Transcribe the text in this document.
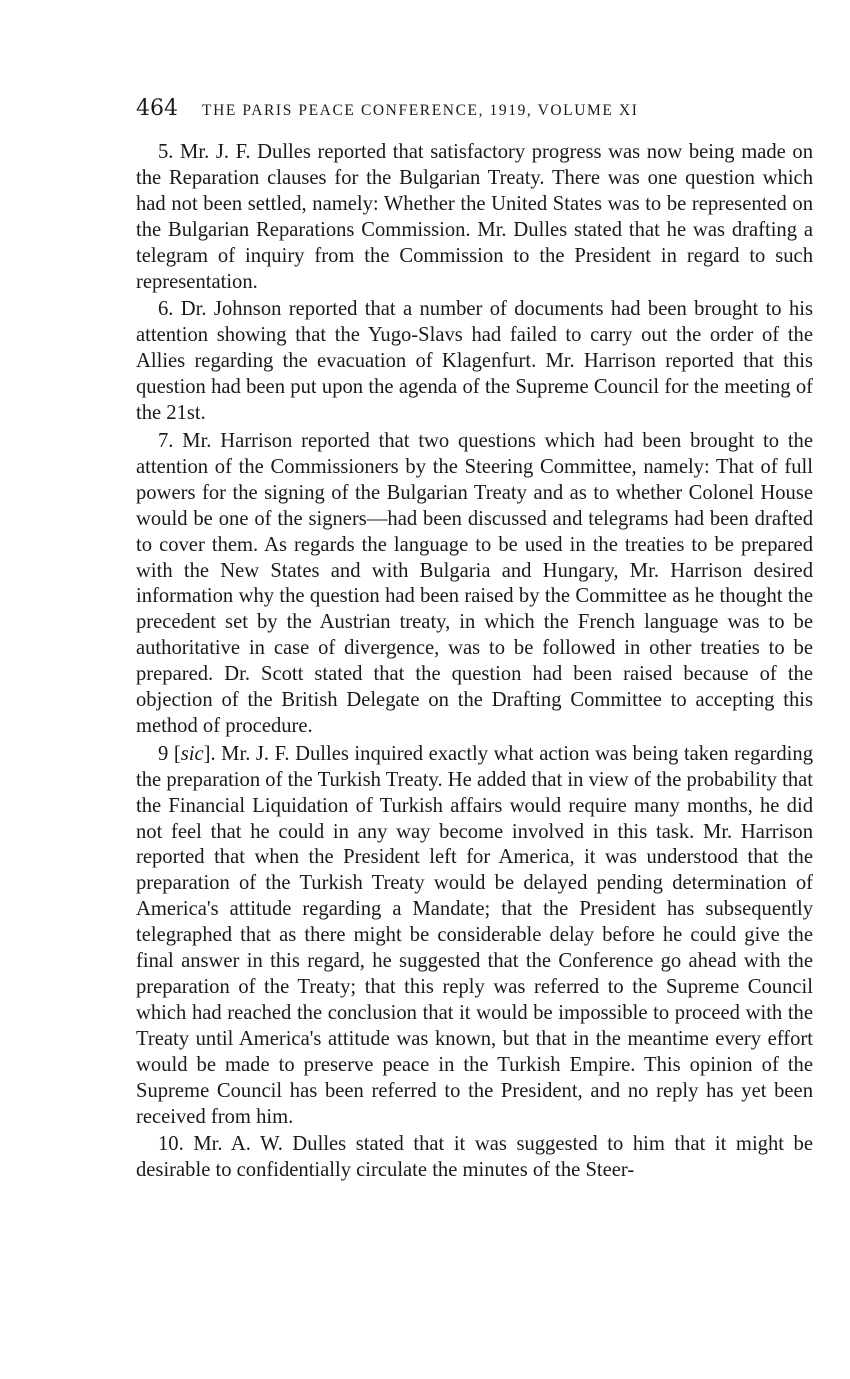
464 THE PARIS PEACE CONFERENCE, 1919, VOLUME XI

5. Mr. J. F. Dulles reported that satisfactory progress was now being made on the Reparation clauses for the Bulgarian Treaty. There was one question which had not been settled, namely: Whether the United States was to be represented on the Bulgarian Reparations Commission. Mr. Dulles stated that he was drafting a telegram of inquiry from the Commission to the President in regard to such representation.

6. Dr. Johnson reported that a number of documents had been brought to his attention showing that the Yugo-Slavs had failed to carry out the order of the Allies regarding the evacuation of Klagenfurt. Mr. Harrison reported that this question had been put upon the agenda of the Supreme Council for the meeting of the 21st.

7. Mr. Harrison reported that two questions which had been brought to the attention of the Commissioners by the Steering Committee, namely: That of full powers for the signing of the Bulgarian Treaty and as to whether Colonel House would be one of the signers—had been discussed and telegrams had been drafted to cover them. As regards the language to be used in the treaties to be prepared with the New States and with Bulgaria and Hungary, Mr. Harrison desired information why the question had been raised by the Committee as he thought the precedent set by the Austrian treaty, in which the French language was to be authoritative in case of divergence, was to be followed in other treaties to be prepared. Dr. Scott stated that the question had been raised because of the objection of the British Delegate on the Drafting Committee to accepting this method of procedure.

9 [sic]. Mr. J. F. Dulles inquired exactly what action was being taken regarding the preparation of the Turkish Treaty. He added that in view of the probability that the Financial Liquidation of Turkish affairs would require many months, he did not feel that he could in any way become involved in this task. Mr. Harrison reported that when the President left for America, it was understood that the preparation of the Turkish Treaty would be delayed pending determination of America's attitude regarding a Mandate; that the President has subsequently telegraphed that as there might be considerable delay before he could give the final answer in this regard, he suggested that the Conference go ahead with the preparation of the Treaty; that this reply was referred to the Supreme Council which had reached the conclusion that it would be impossible to proceed with the Treaty until America's attitude was known, but that in the meantime every effort would be made to preserve peace in the Turkish Empire. This opinion of the Supreme Council has been referred to the President, and no reply has yet been received from him.

10. Mr. A. W. Dulles stated that it was suggested to him that it might be desirable to confidentially circulate the minutes of the Steer-
